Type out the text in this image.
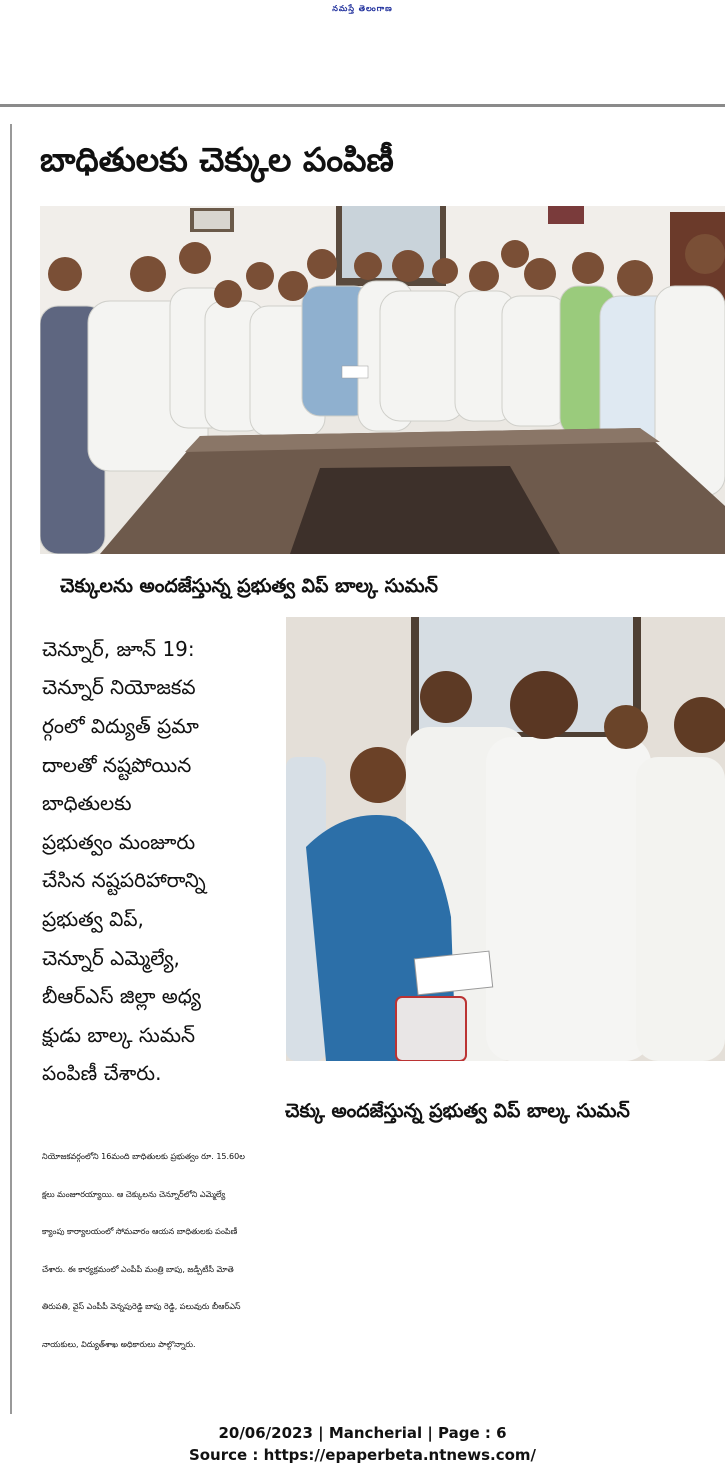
నమస్తే తెలంగాణ
బాధితులకు చెక్కుల పంపిణీ
చెక్కులను అందజేస్తున్న ప్రభుత్వ విప్ బాల్క సుమన్
చెన్నూర్, జూన్ 19:
చెన్నూర్ నియోజకవ
ర్గంలో విద్యుత్ ప్రమా
దాలతో నష్టపోయిన
బాధితులకు
ప్రభుత్వం మంజూరు
చేసిన నష్టపరిహారాన్ని
ప్రభుత్వ విప్,
చెన్నూర్ ఎమ్మెల్యే,
బీఆర్ఎస్ జిల్లా అధ్య
క్షుడు బాల్క సుమన్
పంపిణీ చేశారు.
చెక్కు అందజేస్తున్న ప్రభుత్వ విప్ బాల్క సుమన్
నియోజకవర్గంలోని 16మంది బాధితులకు ప్రభుత్వం రూ. 15.60ల
క్షలు మంజూరయ్యాయి. ఆ చెక్కులను చెన్నూర్‌లోని ఎమ్మెల్యే
క్యాంపు కార్యాలయంలో సోమవారం ఆయన బాధితులకు పంపిణీ
చేశారు. ఈ కార్యక్రమంలో ఎంపీపీ మంత్రి బాపు, జడ్పీటీసీ మోతె
తిరుపతి, వైస్ ఎంపీపీ వెన్నపురెడ్డి బాపు రెడ్డి, పలువురు బీఆర్ఎస్
నాయకులు, విద్యుత్‌శాఖ అధికారులు పాల్గొన్నారు.
20/06/2023 | Mancherial | Page : 6
Source : https://epaperbeta.ntnews.com/
